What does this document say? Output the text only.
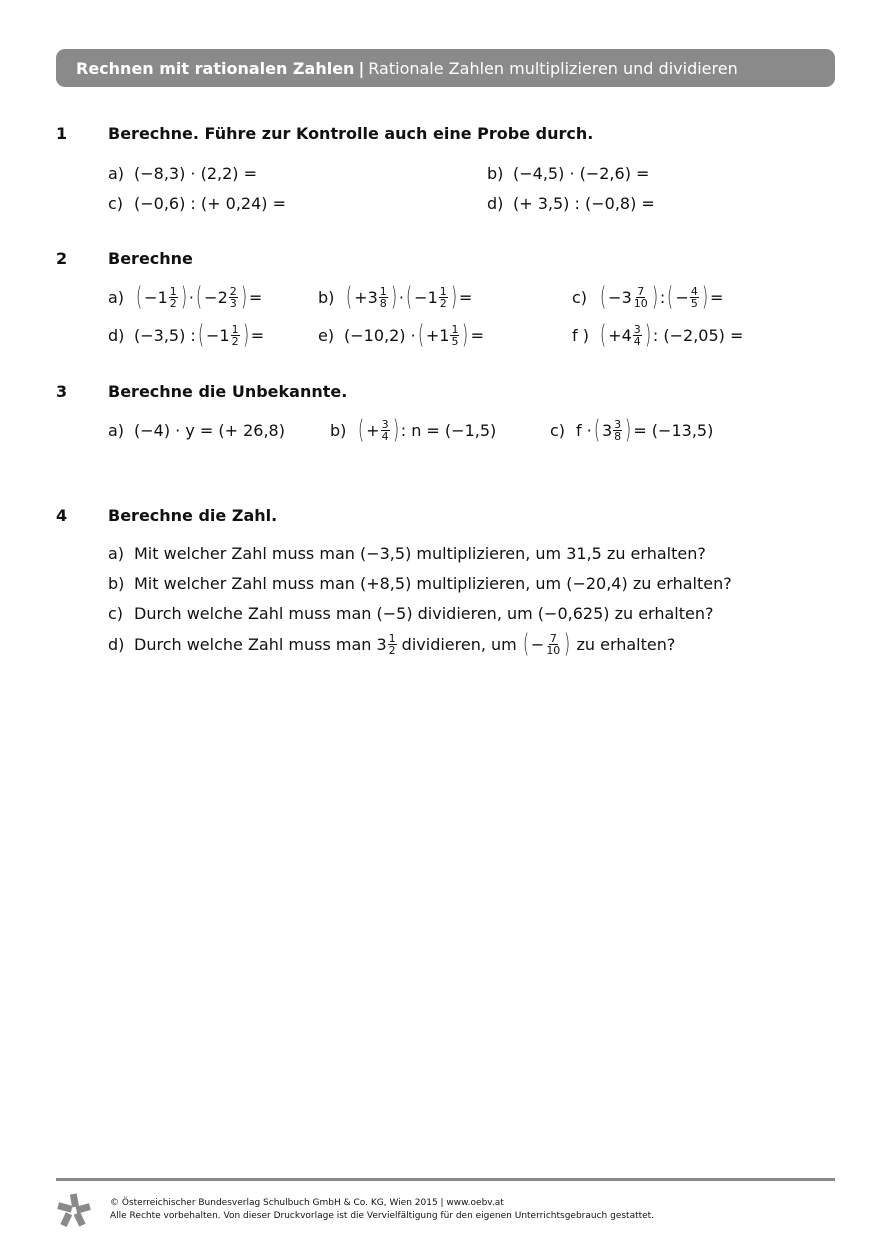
Rechnen mit rationalen Zahlen | Rationale Zahlen multiplizieren und dividieren
1	Berechne. Führe zur Kontrolle auch eine Probe durch.
a) (−8,3) · (2,2) =	b) (−4,5) · (−2,6) =
c) (−0,6) : (+ 0,24) =	d) (+ 3,5) : (−0,8) =
2	Berechne
a) ( $-1 \frac{1}{2}$ ) · ( $-2 \frac{2}{3}$ ) =	b) ( $+3 \frac{1}{8}$ ) · ( $-1 \frac{1}{2}$ ) =	c) ( $-3 \frac{7}{10}$ ) : ( − $\frac{4}{5}$ ) =
d) (−3,5) : ( $-1 \frac{1}{2}$ ) =	e) (−10,2) · ( $+1 \frac{1}{5}$ ) =	f ) ( $+4 \frac{3}{4}$ ) : (−2,05) =
3	Berechne die Unbekannte.
a) (−4) · y = (+ 26,8)	b) ( + $\frac{3}{4}$ ) : n = (−1,5)	c) f · ( $3 \frac{3}{8}$ ) = (−13,5)
4	Berechne die Zahl.
a) Mit welcher Zahl muss man (−3,5) multiplizieren, um 31,5 zu erhalten?
b) Mit welcher Zahl muss man (+8,5) multiplizieren, um (−20,4) zu erhalten?
c) Durch welche Zahl muss man (−5) dividieren, um (−0,625) zu erhalten?
d) Durch welche Zahl muss man $3 \frac{1}{2}$ dividieren, um ( − $\frac{7}{10}$ ) zu erhalten?
© Österreichischer Bundesverlag Schulbuch GmbH & Co. KG, Wien 2015 | www.oebv.at
Alle Rechte vorbehalten. Von dieser Druckvorlage ist die Vervielfältigung für den eigenen Unterrichtsgebrauch gestattet.
